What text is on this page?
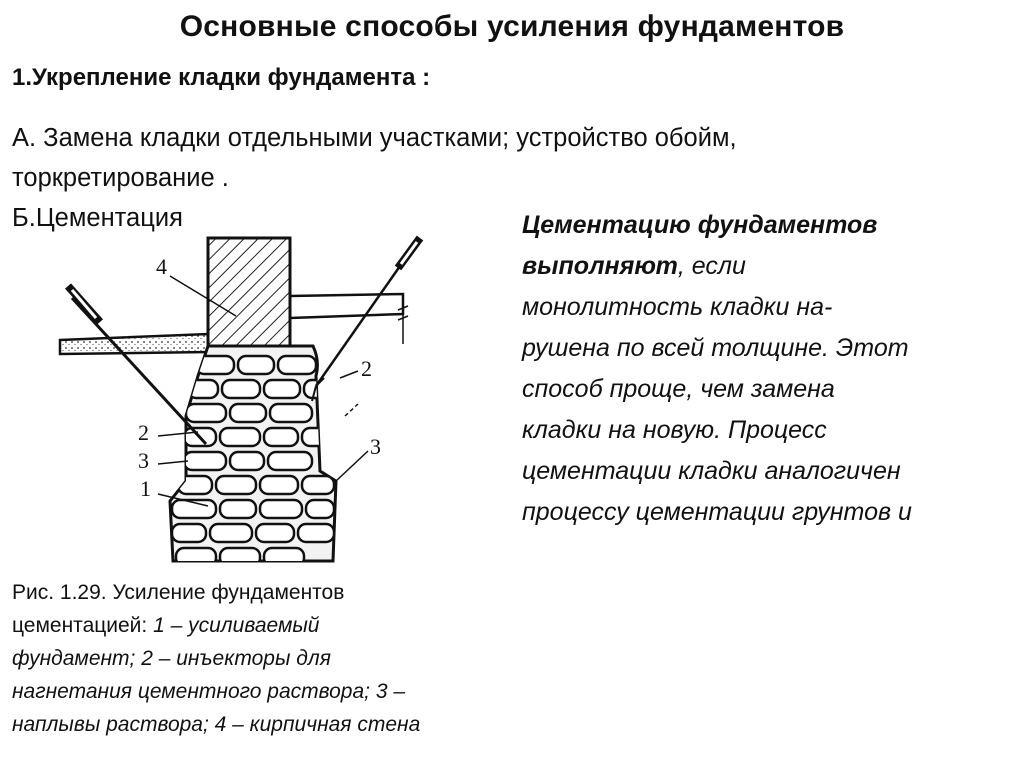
Основные способы усиления фундаментов
1.Укрепление кладки фундамента :
А. Замена кладки отдельными участками; устройство обойм,
торкретирование .
Б.Цементация
4
2
2
3
1
3
Цементацию фундаментов
выполняют, если
монолитность кладки на-
рушена по всей толщине. Этот
способ проще, чем замена
кладки на новую. Процесс
цементации кладки аналогичен
процессу цементации грунтов и
Рис. 1.29. Усиление фундаментов
цементацией: 1 – усиливаемый
фундамент; 2 – инъекторы для
нагнетания цементного раствора; 3 –
наплывы раствора; 4 – кирпичная стена
